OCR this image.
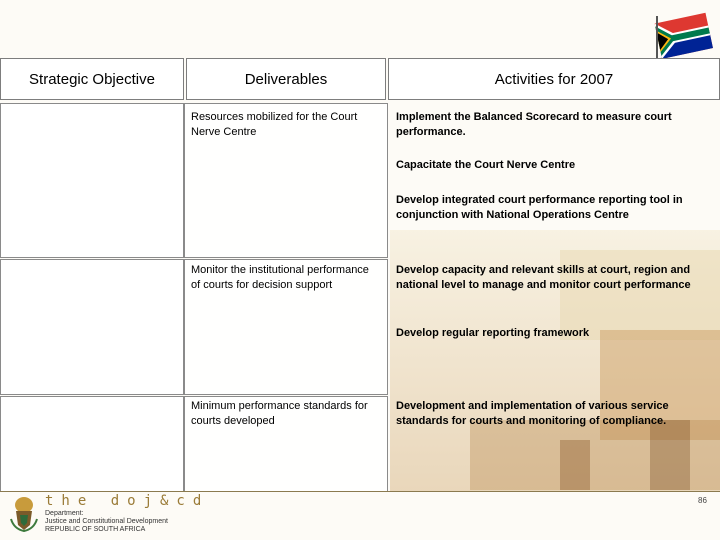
Strategic Objective	Deliverables	Activities for 2007
Resources mobilized for the Court Nerve Centre
Implement the Balanced Scorecard to measure court performance.
Capacitate the Court Nerve Centre
Develop integrated court performance reporting tool in conjunction with National Operations Centre
Monitor the institutional performance of courts for decision support
Develop capacity and relevant skills at court, region and national level to manage and monitor court performance
Develop regular reporting framework
Minimum performance standards for courts developed
Development and implementation of various service standards for courts and monitoring of compliance.
the doj&cd
Department:
Justice and Constitutional Development
REPUBLIC OF SOUTH AFRICA
86
